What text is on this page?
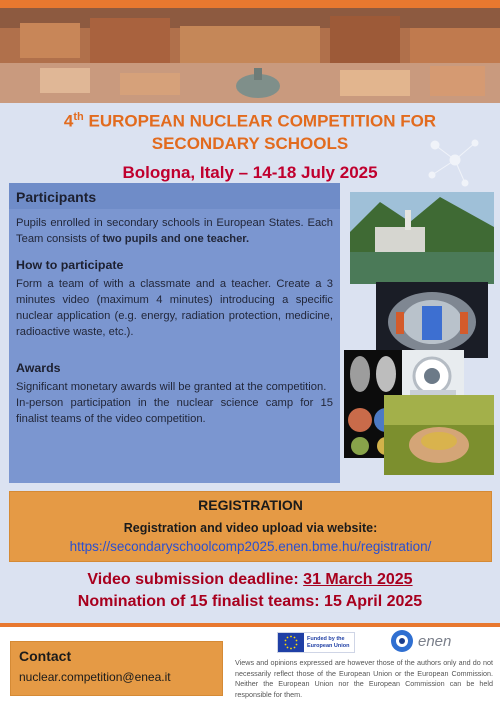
4th EUROPEAN NUCLEAR COMPETITION FOR SECONDARY SCHOOLS
Bologna, Italy – 14-18 July 2025
Participants

Pupils enrolled in secondary schools in European States. Each Team consists of two pupils and one teacher.

How to participate

Form a team of with a classmate and a teacher. Create a 3 minutes video (maximum 4 minutes) introducing a specific nuclear application (e.g. energy, radiation protection, medicine, radioactive waste, etc.).

Awards

Significant monetary awards will be granted at the competition.

In-person participation in the nuclear science camp for 15 finalist teams of the video competition.

REGISTRATION
Registration and video upload via website:
https://secondaryschoolcomp2025.enen.bme.hu/registration/
Video submission deadline: 31 March 2025
Nomination of 15 finalist teams: 15 April 2025
Contact
nuclear.competition@enea.it
Funded by the European Union	enen
Views and opinions expressed are however those of the authors only and do not necessarily reflect those of the European Union or the European Commission. Neither the European Union nor the European Commission can be held responsible for them.
